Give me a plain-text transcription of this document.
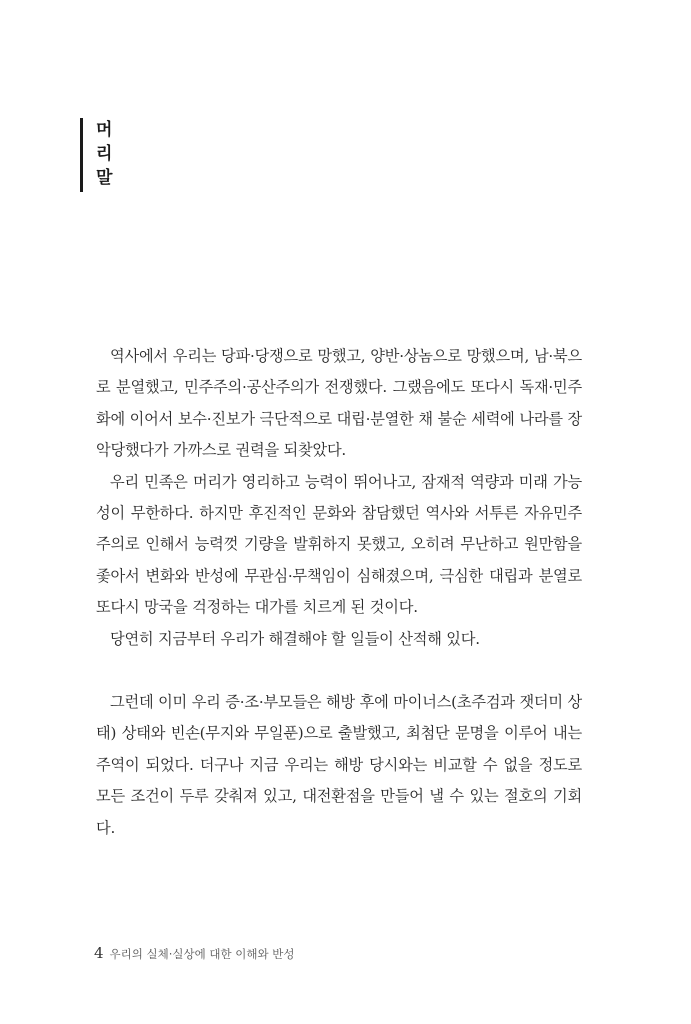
머
리
말

역사에서 우리는 당파·당쟁으로 망했고, 양반·상놈으로 망했으며, 남·북으로 분열했고, 민주주의·공산주의가 전쟁했다. 그랬음에도 또다시 독재·민주화에 이어서 보수·진보가 극단적으로 대립·분열한 채 불순 세력에 나라를 장악당했다가 가까스로 권력을 되찾았다.

우리 민족은 머리가 영리하고 능력이 뛰어나고, 잠재적 역량과 미래 가능성이 무한하다. 하지만 후진적인 문화와 참담했던 역사와 서투른 자유민주주의로 인해서 능력껏 기량을 발휘하지 못했고, 오히려 무난하고 원만함을 좇아서 변화와 반성에 무관심·무책임이 심해졌으며, 극심한 대립과 분열로 또다시 망국을 걱정하는 대가를 치르게 된 것이다.

당연히 지금부터 우리가 해결해야 할 일들이 산적해 있다.

그런데 이미 우리 증·조·부모들은 해방 후에 마이너스(초주검과 잿더미 상태) 상태와 빈손(무지와 무일푼)으로 출발했고, 최첨단 문명을 이루어 내는 주역이 되었다. 더구나 지금 우리는 해방 당시와는 비교할 수 없을 정도로 모든 조건이 두루 갖춰져 있고, 대전환점을 만들어 낼 수 있는 절호의 기회다.

4 우리의 실체·실상에 대한 이해와 반성
